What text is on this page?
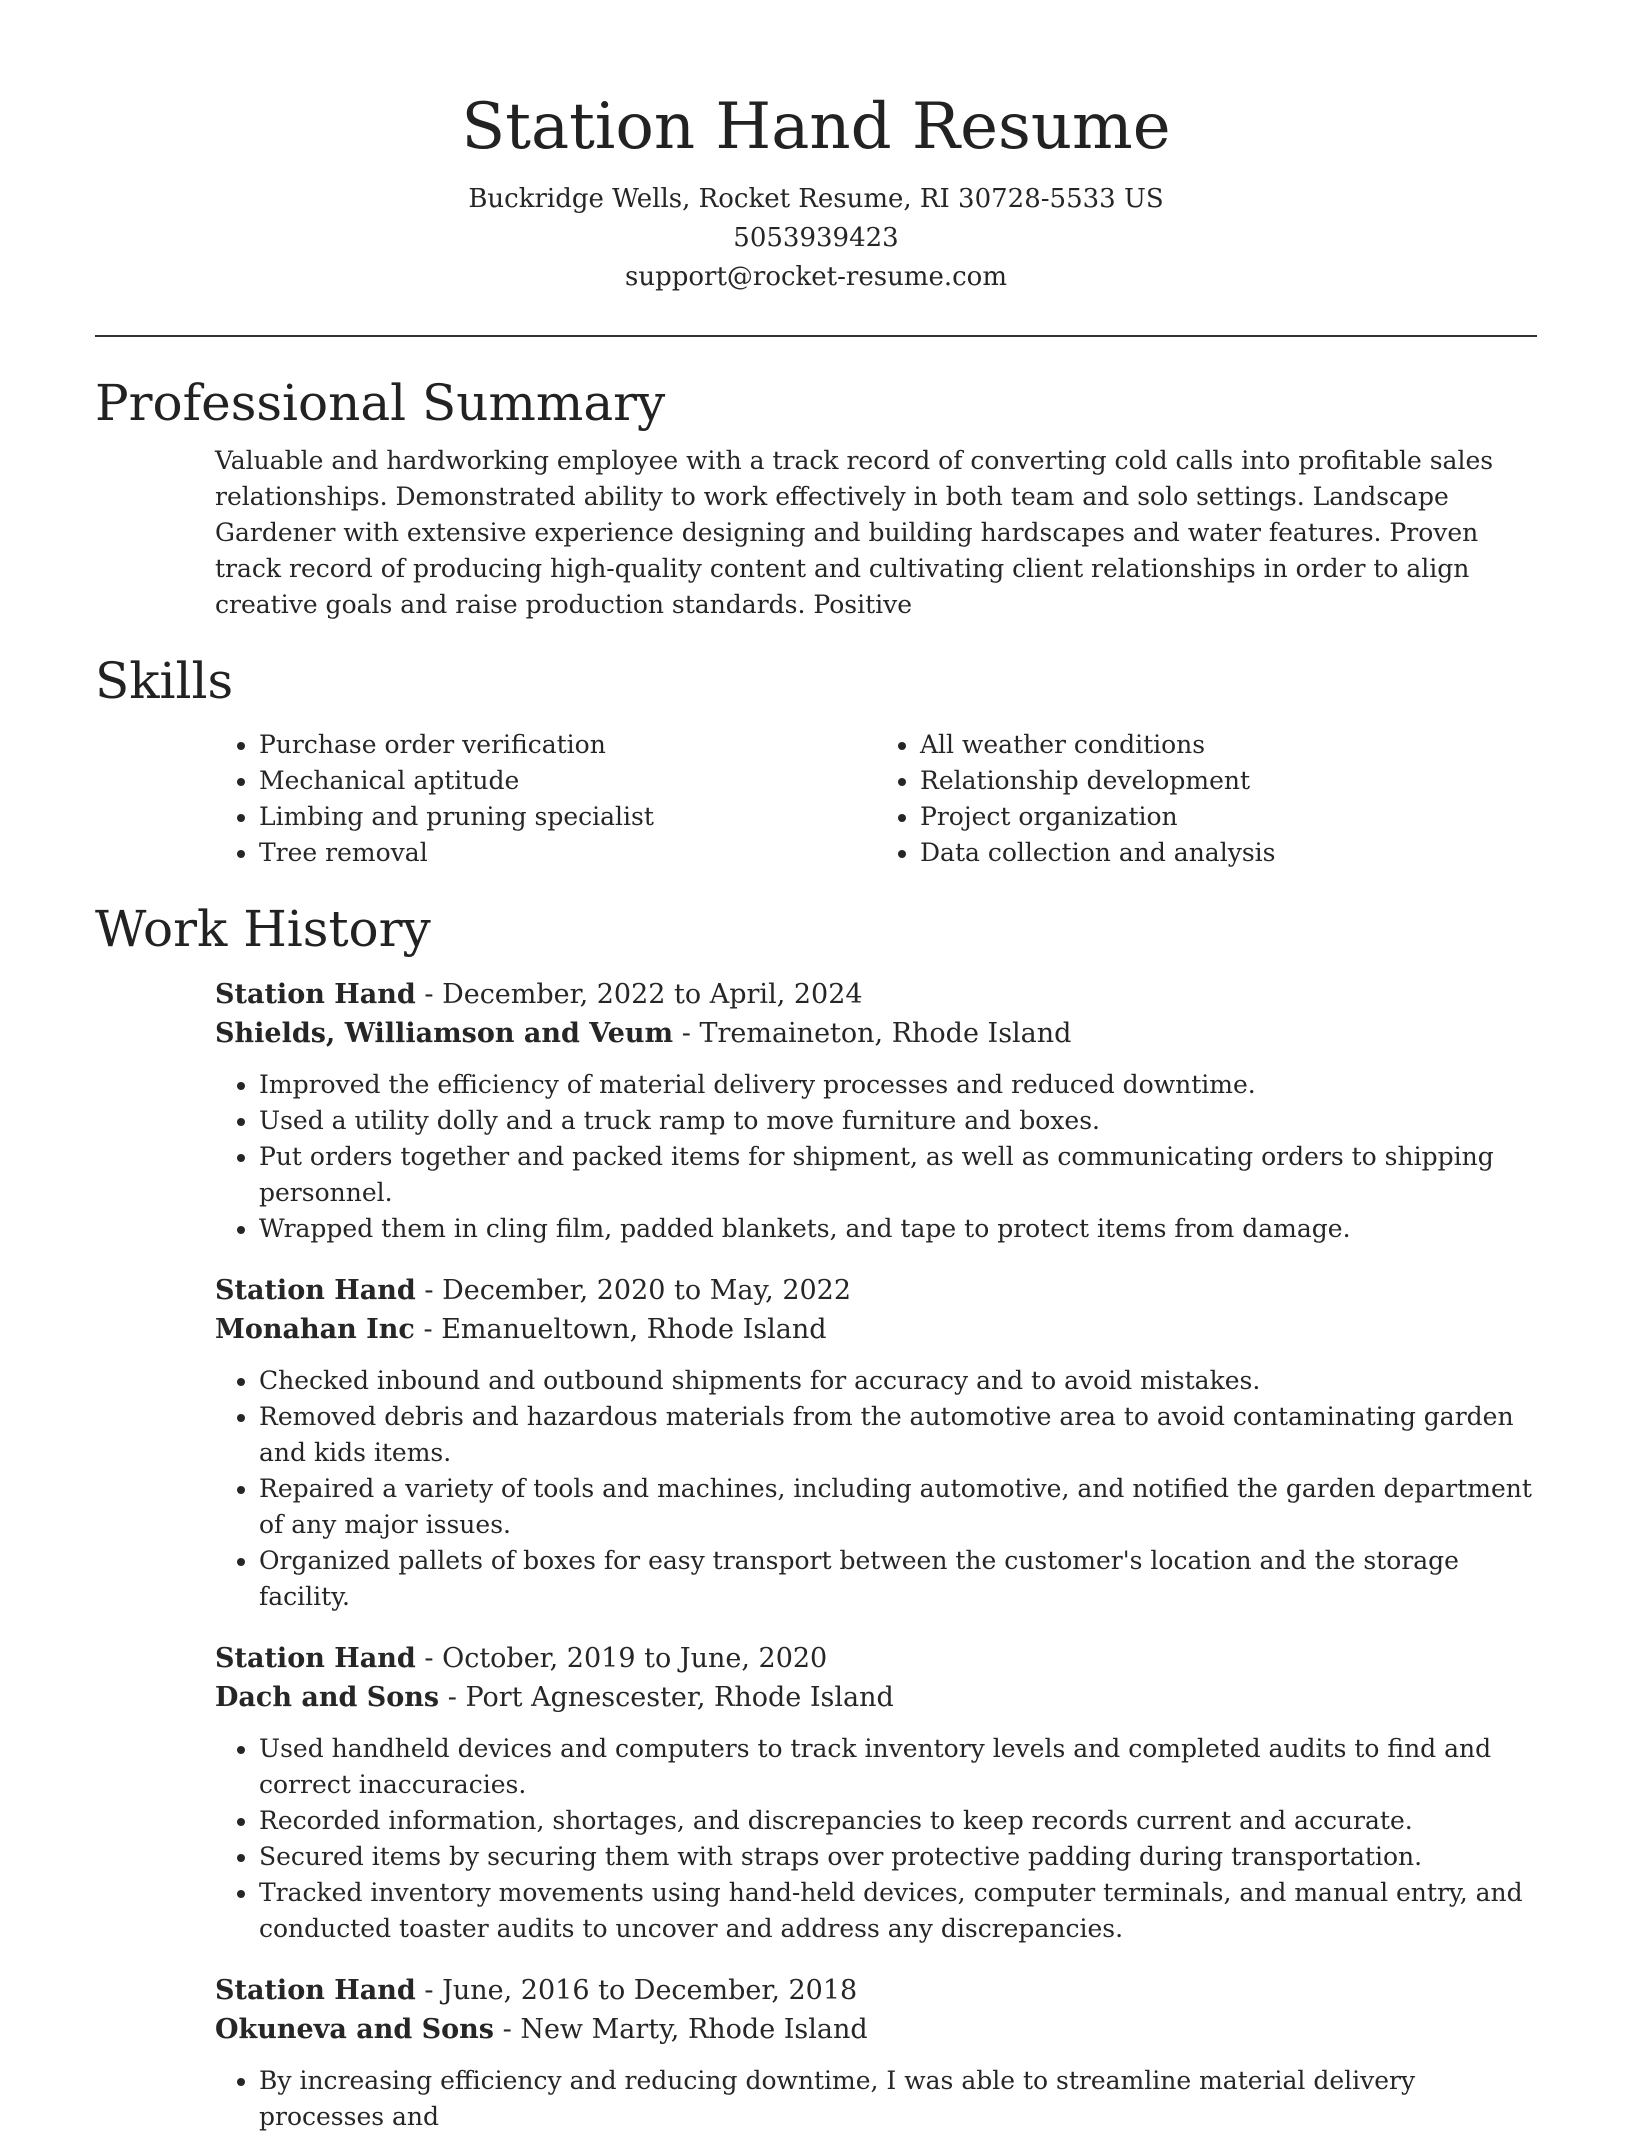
Station Hand Resume
Buckridge Wells, Rocket Resume, RI 30728-5533 US
5053939423
support@rocket-resume.com
Professional Summary

Valuable and hardworking employee with a track record of converting cold calls into profitable sales relationships. Demonstrated ability to work effectively in both team and solo settings. Landscape Gardener with extensive experience designing and building hardscapes and water features. Proven track record of producing high-quality content and cultivating client relationships in order to align creative goals and raise production standards. Positive

Skills
• Purchase order verification
• Mechanical aptitude
• Limbing and pruning specialist
• Tree removal
• All weather conditions
• Relationship development
• Project organization
• Data collection and analysis
Work History
Station Hand - December, 2022 to April, 2024
Shields, Williamson and Veum - Tremaineton, Rhode Island
• Improved the efficiency of material delivery processes and reduced downtime.
• Used a utility dolly and a truck ramp to move furniture and boxes.
• Put orders together and packed items for shipment, as well as communicating orders to shipping personnel.
• Wrapped them in cling film, padded blankets, and tape to protect items from damage.
Station Hand - December, 2020 to May, 2022
Monahan Inc - Emanueltown, Rhode Island
• Checked inbound and outbound shipments for accuracy and to avoid mistakes.
• Removed debris and hazardous materials from the automotive area to avoid contaminating garden and kids items.
• Repaired a variety of tools and machines, including automotive, and notified the garden department of any major issues.
• Organized pallets of boxes for easy transport between the customer's location and the storage facility.
Station Hand - October, 2019 to June, 2020
Dach and Sons - Port Agnescester, Rhode Island
• Used handheld devices and computers to track inventory levels and completed audits to find and correct inaccuracies.
• Recorded information, shortages, and discrepancies to keep records current and accurate.
• Secured items by securing them with straps over protective padding during transportation.
• Tracked inventory movements using hand-held devices, computer terminals, and manual entry, and conducted toaster audits to uncover and address any discrepancies.
Station Hand - June, 2016 to December, 2018
Okuneva and Sons - New Marty, Rhode Island
• By increasing efficiency and reducing downtime, I was able to streamline material delivery processes and
